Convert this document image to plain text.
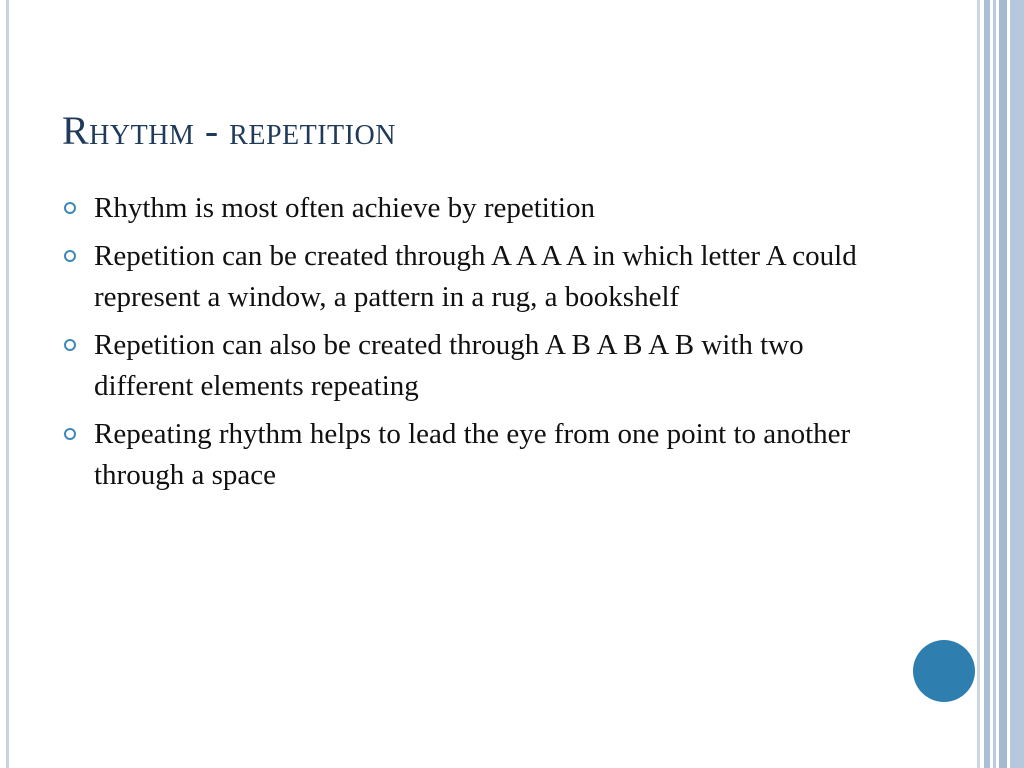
Rhythm - repetition
Rhythm is most often achieve by repetition
Repetition can be created through A A A A in which letter A could represent a window, a pattern in a rug, a bookshelf
Repetition can also be created through A B A B A B with two different elements repeating
Repeating rhythm helps to lead the eye from one point to another through a space
